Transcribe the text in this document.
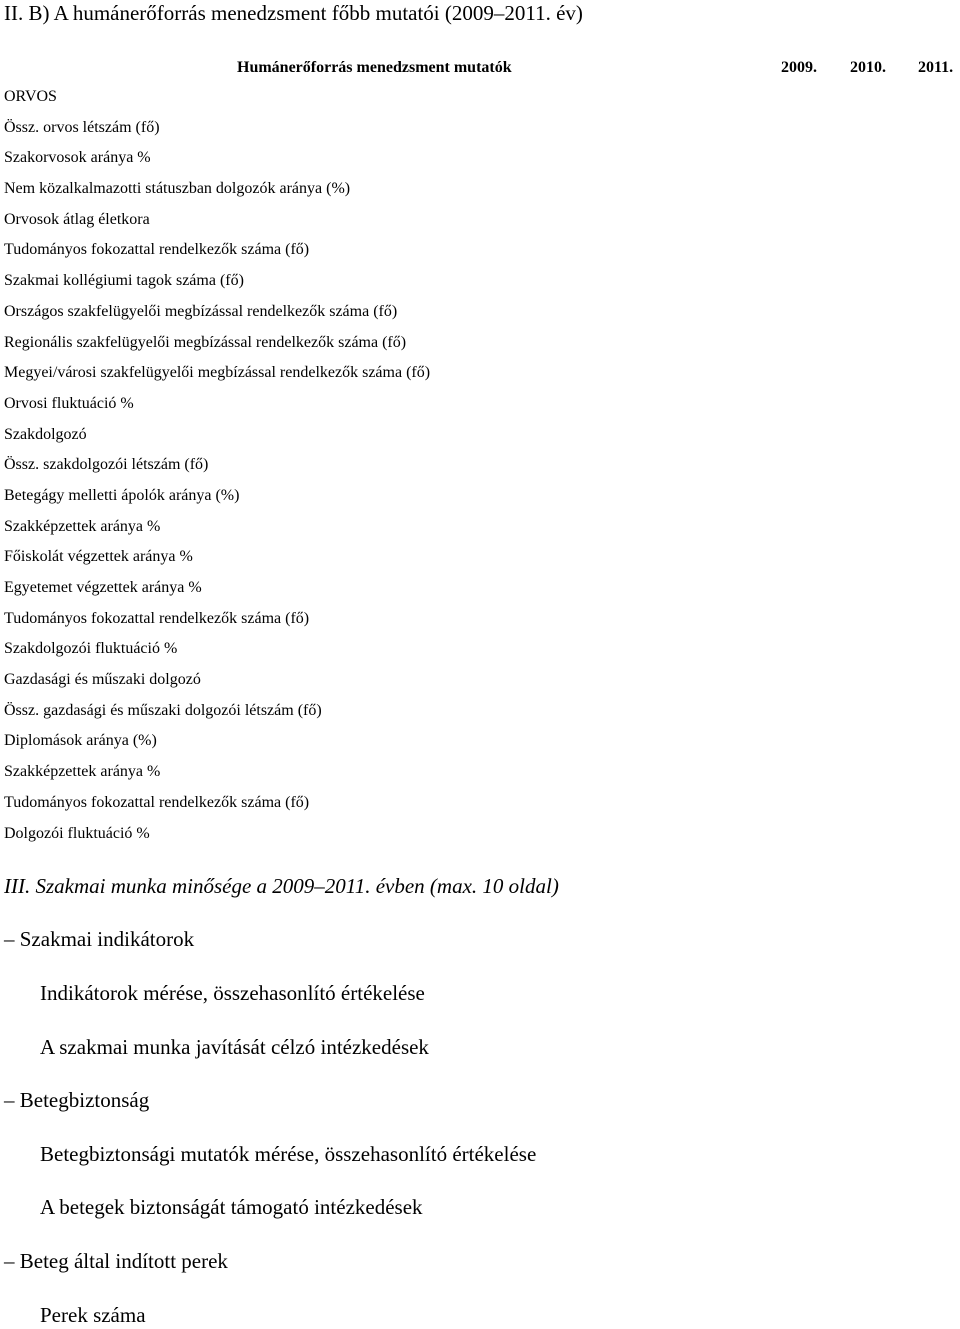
II. B) A humánerőforrás menedzsment főbb mutatói (2009–2011. év)
Humánerőforrás menedzsment mutatók	2009. 2010. 2011.
ORVOS
Össz. orvos létszám (fő)
Szakorvosok aránya %
Nem közalkalmazotti státuszban dolgozók aránya (%)
Orvosok átlag életkora
Tudományos fokozattal rendelkezők száma (fő)
Szakmai kollégiumi tagok száma (fő)
Országos szakfelügyelői megbízással rendelkezők száma (fő)
Regionális szakfelügyelői megbízással rendelkezők száma (fő)
Megyei/városi szakfelügyelői megbízással rendelkezők száma (fő)
Orvosi fluktuáció %
Szakdolgozó
Össz. szakdolgozói létszám (fő)
Betegágy melletti ápolók aránya (%)
Szakképzettek aránya %
Főiskolát végzettek aránya %
Egyetemet végzettek aránya %
Tudományos fokozattal rendelkezők száma (fő)
Szakdolgozói fluktuáció %
Gazdasági és műszaki dolgozó
Össz. gazdasági és műszaki dolgozói létszám (fő)
Diplomások aránya (%)
Szakképzettek aránya %
Tudományos fokozattal rendelkezők száma (fő)
Dolgozói fluktuáció %
III. Szakmai munka minősége a 2009–2011. évben (max. 10 oldal)
– Szakmai indikátorok
Indikátorok mérése, összehasonlító értékelése
A szakmai munka javítását célzó intézkedések
– Betegbiztonság
Betegbiztonsági mutatók mérése, összehasonlító értékelése
A betegek biztonságát támogató intézkedések
– Beteg által indított perek
Perek száma
